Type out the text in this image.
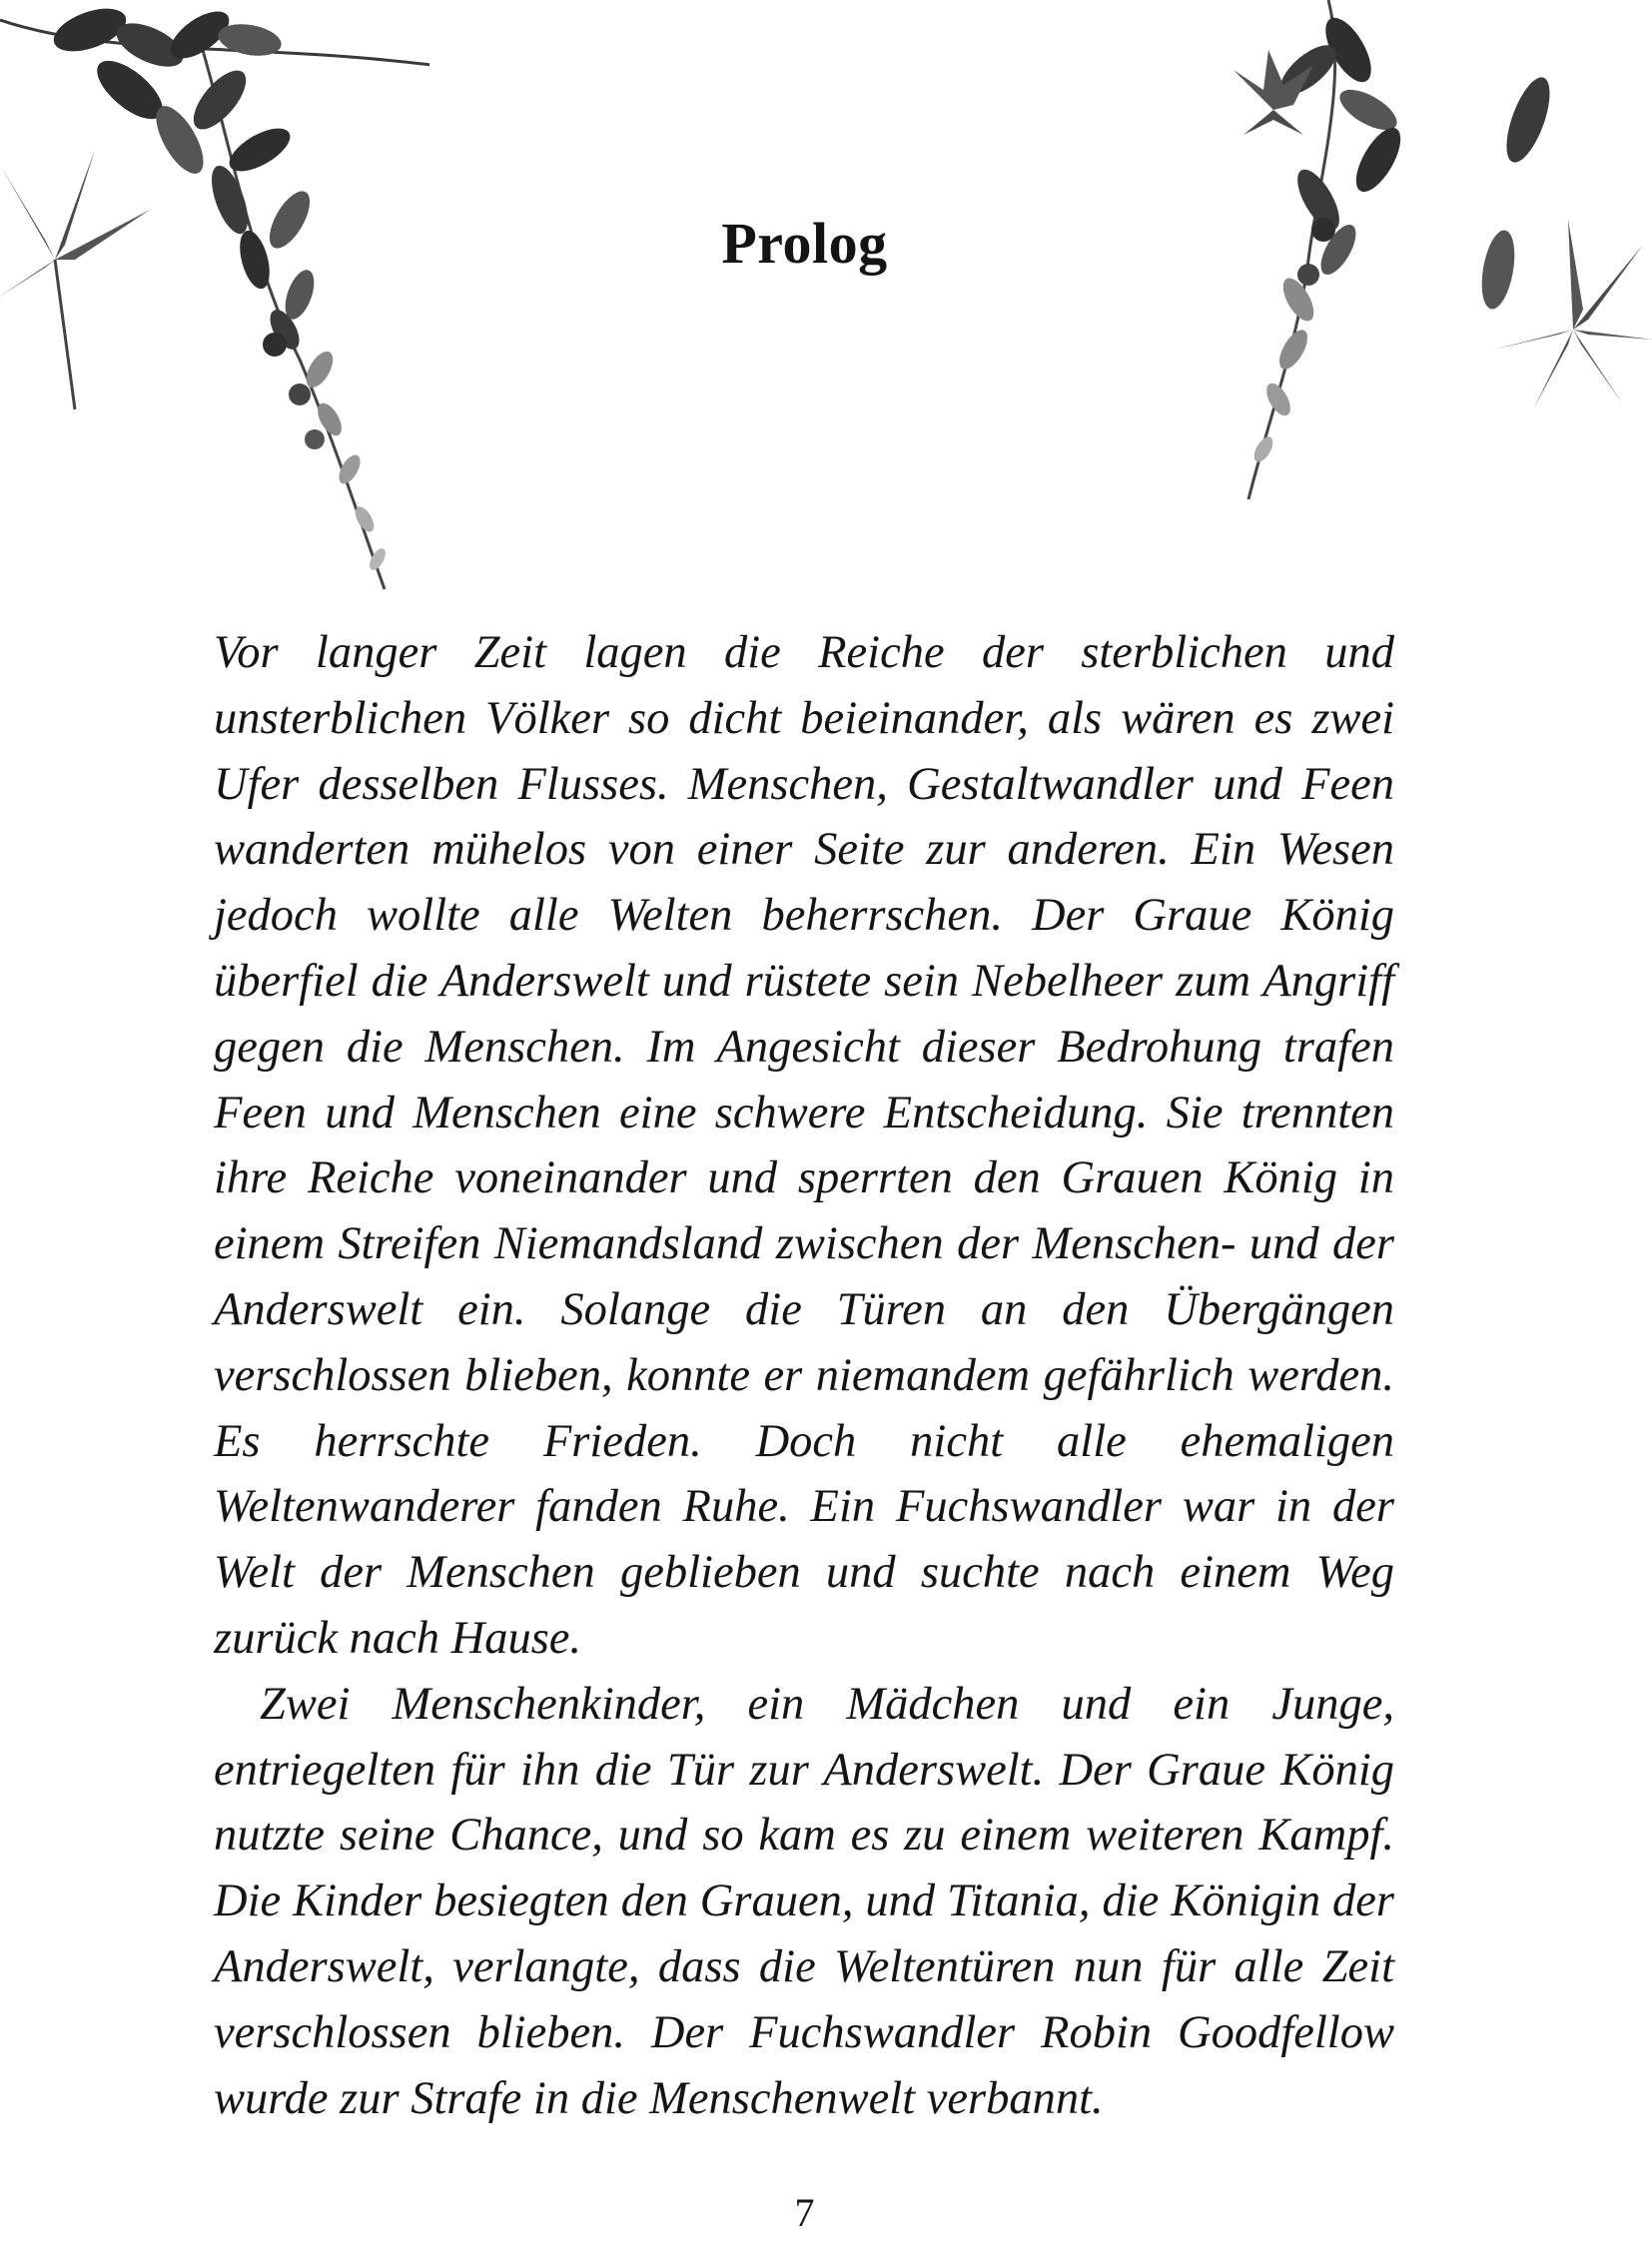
Prolog

Vor langer Zeit lagen die Reiche der sterblichen und unsterblichen Völker so dicht beieinander, als wären es zwei Ufer desselben Flusses. Menschen, Gestaltwandler und Feen wanderten mühelos von einer Seite zur anderen. Ein Wesen jedoch wollte alle Welten beherrschen. Der Graue König überfiel die Anderswelt und rüstete sein Nebelheer zum Angriff gegen die Menschen. Im Angesicht dieser Bedrohung trafen Feen und Menschen eine schwere Entscheidung. Sie trennten ihre Reiche voneinander und sperrten den Grauen König in einem Streifen Niemandsland zwischen der Menschen- und der Anderswelt ein. Solange die Türen an den Übergängen verschlossen blieben, konnte er niemandem gefährlich werden. Es herrschte Frieden. Doch nicht alle ehemaligen Weltenwanderer fanden Ruhe. Ein Fuchswandler war in der Welt der Menschen geblieben und suchte nach einem Weg zurück nach Hause.

Zwei Menschenkinder, ein Mädchen und ein Junge, entriegelten für ihn die Tür zur Anderswelt. Der Graue König nutzte seine Chance, und so kam es zu einem weiteren Kampf. Die Kinder besiegten den Grauen, und Titania, die Königin der Anderswelt, verlangte, dass die Weltentüren nun für alle Zeit verschlossen blieben. Der Fuchswandler Robin Goodfellow wurde zur Strafe in die Menschenwelt verbannt.

7
